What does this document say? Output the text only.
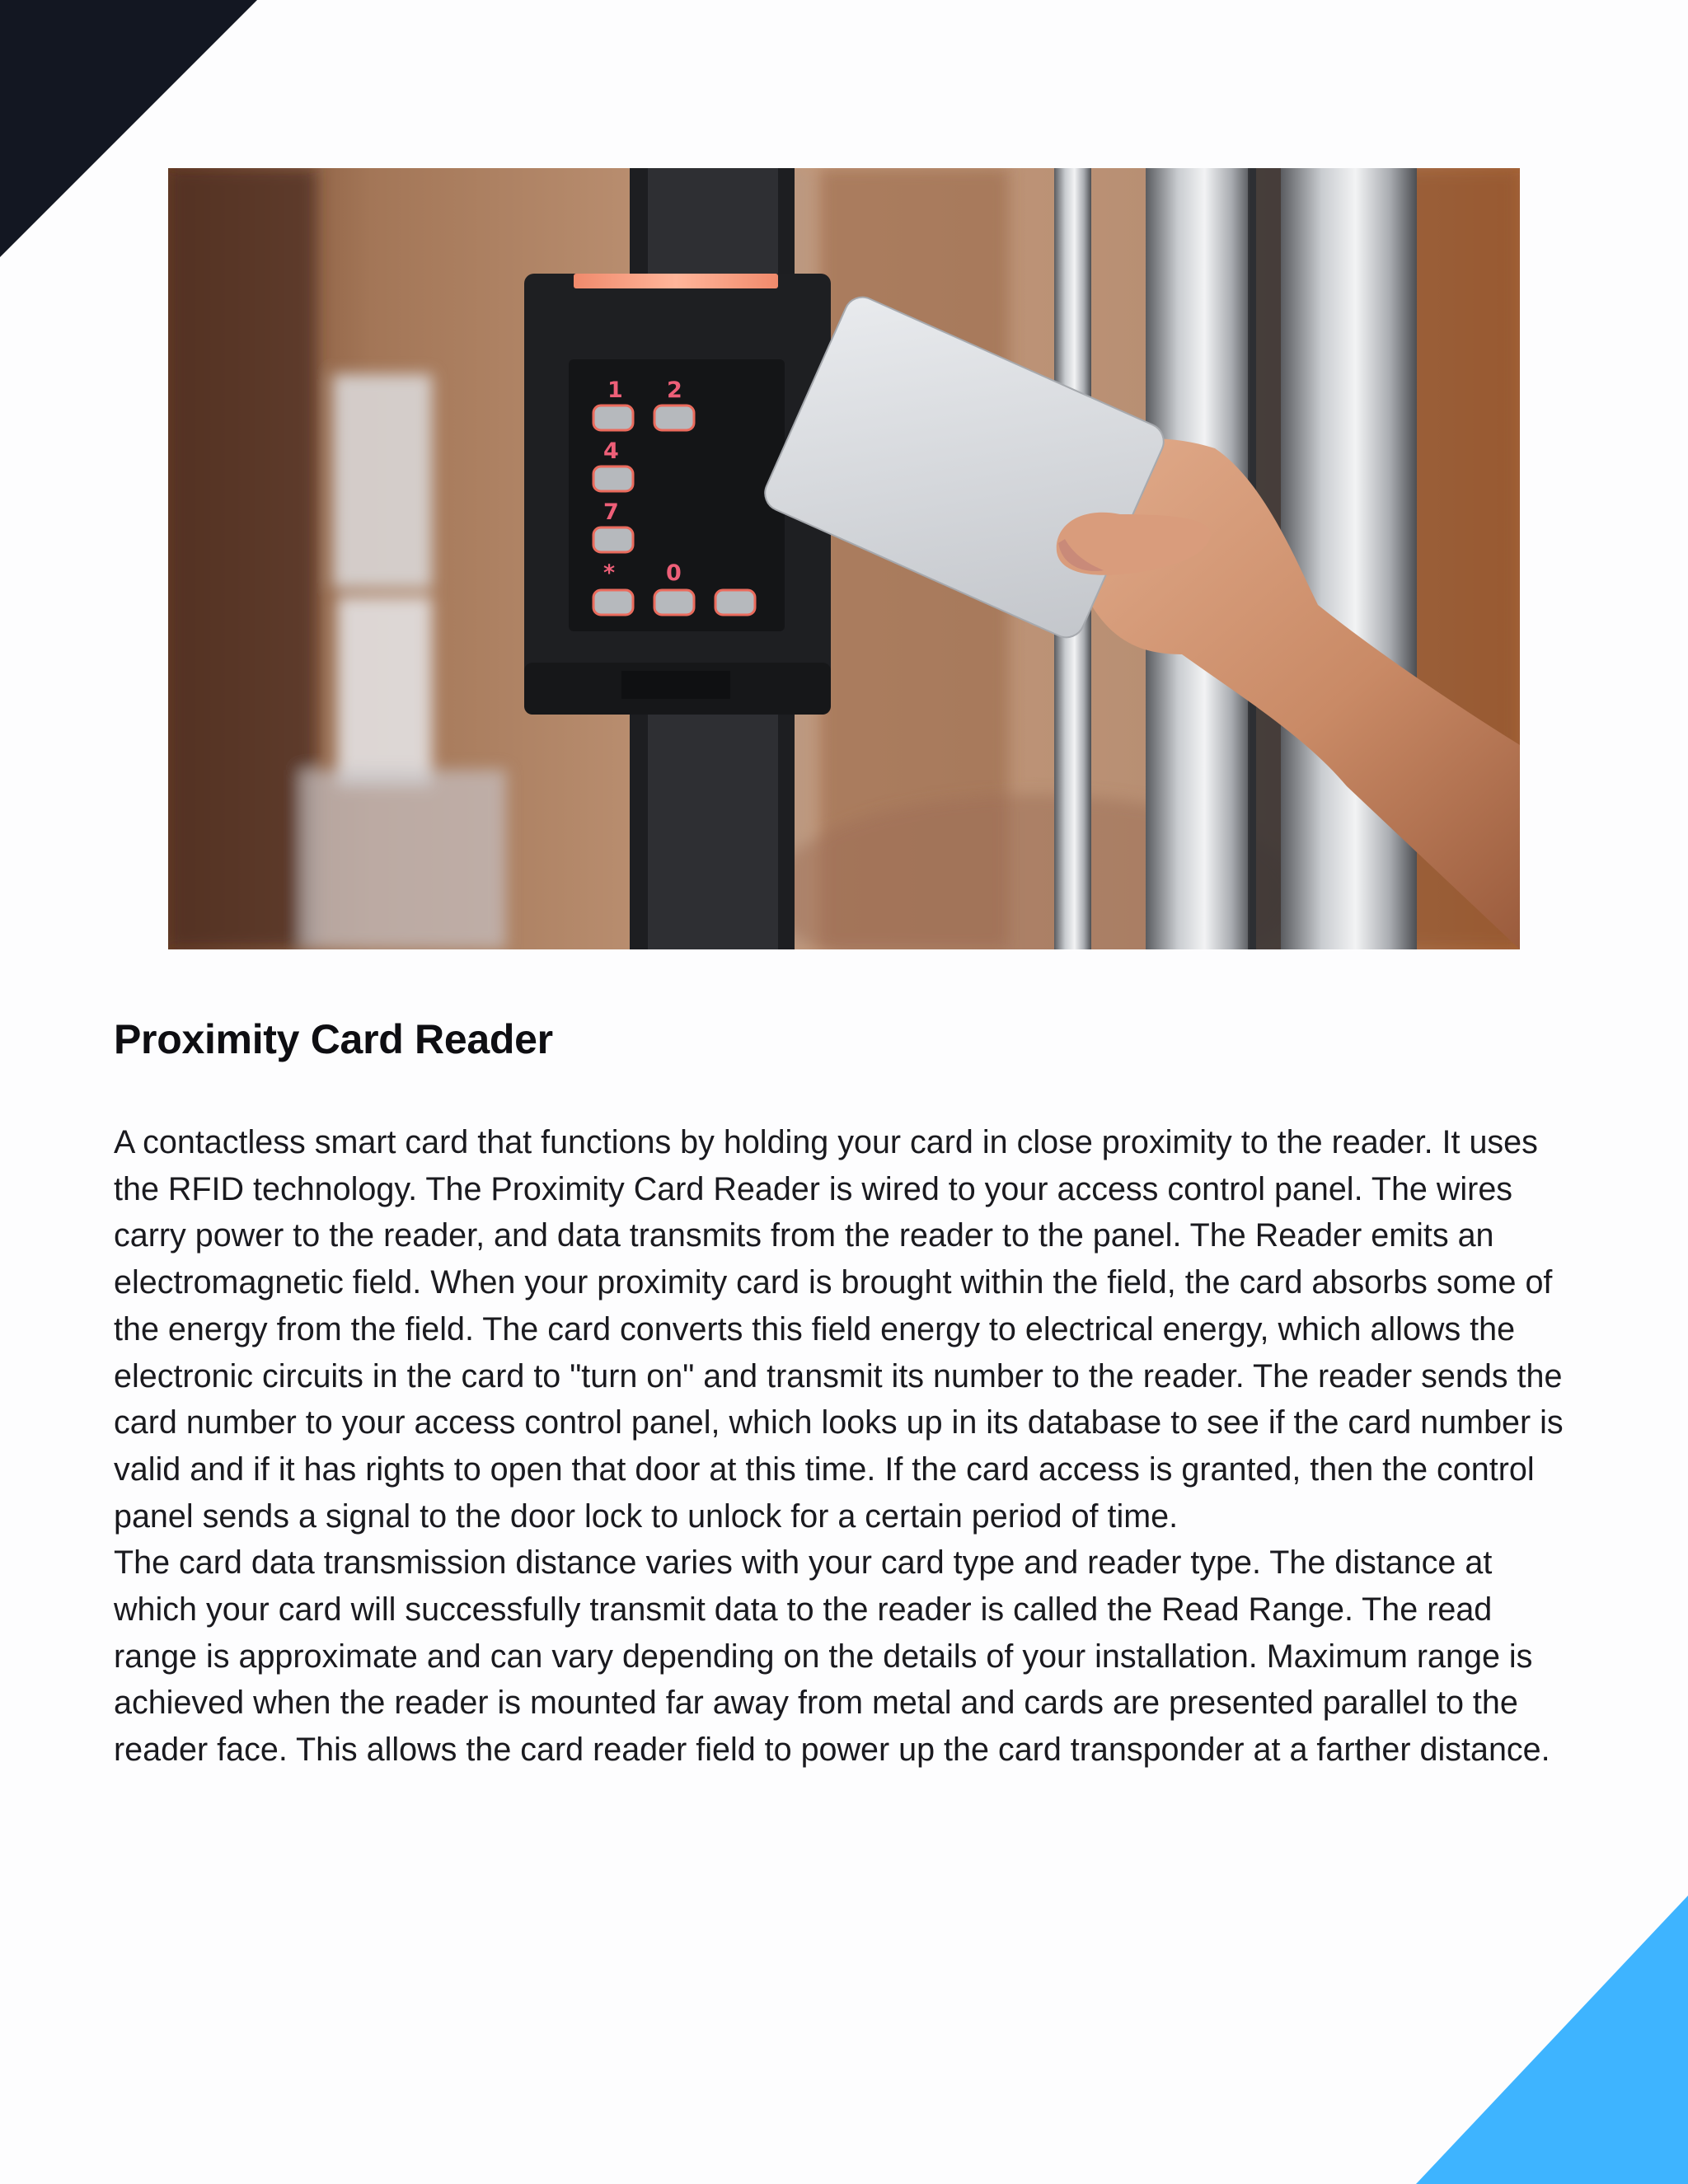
1 2
4
7
* 0
Proximity Card Reader

A contactless smart card that functions by holding your card in close proximity to the reader. It uses the RFID technology. The Proximity Card Reader is wired to your access control panel. The wires carry power to the reader, and data transmits from the reader to the panel. The Reader emits an electromagnetic field. When your proximity card is brought within the field, the card absorbs some of the energy from the field. The card converts this field energy to electrical energy, which allows the electronic circuits in the card to "turn on" and transmit its number to the reader. The reader sends the card number to your access control panel, which looks up in its database to see if the card number is valid and if it has rights to open that door at this time. If the card access is granted, then the control panel sends a signal to the door lock to unlock for a certain period of time.

The card data transmission distance varies with your card type and reader type. The distance at which your card will successfully transmit data to the reader is called the Read Range. The read range is approximate and can vary depending on the details of your installation. Maximum range is achieved when the reader is mounted far away from metal and cards are presented parallel to the reader face. This allows the card reader field to power up the card transponder at a farther distance.
